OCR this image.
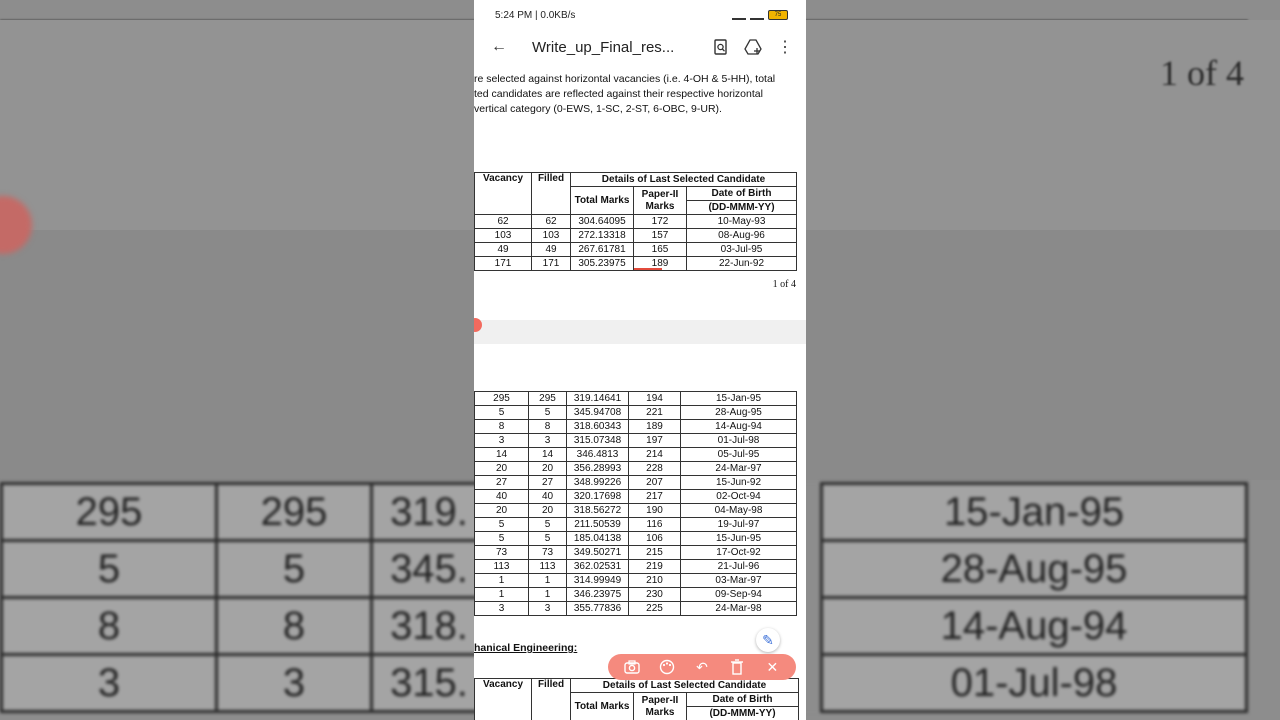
1 of 4
295	295	319.		15-Jan-95
5	5	345.		28-Aug-95
8	8	318.		14-Aug-94
3	3	315.		01-Jul-98
5:24 PM | 0.0KB/s	75
←	Write_up_Final_res...	⋮
re selected against horizontal vacancies (i.e. 4-OH & 5-HH), total
ted candidates are reflected against their respective horizontal
vertical category (0-EWS, 1-SC, 2-ST, 6-OBC, 9-UR).
Vacancy	Filled	Details of Last Selected Candidate		
		Total Marks	Paper-II Marks	Date of Birth
				(DD-MMM-YY)
62	62	304.64095	172	10-May-93
103	103	272.13318	157	08-Aug-96
49	49	267.61781	165	03-Jul-95
171	171	305.23975	189	22-Jun-92
1 of 4
295	295	319.14641	194	15-Jan-95
5	5	345.94708	221	28-Aug-95
8	8	318.60343	189	14-Aug-94
3	3	315.07348	197	01-Jul-98
14	14	346.4813	214	05-Jul-95
20	20	356.28993	228	24-Mar-97
27	27	348.99226	207	15-Jun-92
40	40	320.17698	217	02-Oct-94
20	20	318.56272	190	04-May-98
5	5	211.50539	116	19-Jul-97
5	5	185.04138	106	15-Jun-95
73	73	349.50271	215	17-Oct-92
113	113	362.02531	219	21-Jul-96
1	1	314.99949	210	03-Mar-97
1	1	346.23975	230	09-Sep-94
3	3	355.77836	225	24-Mar-98
hanical Engineering:
Vacancy	Filled	Details of Last Selected Candidate		
		Total Marks	Paper-II Marks	Date of Birth
				(DD-MMM-YY)
✎
↶	✕
